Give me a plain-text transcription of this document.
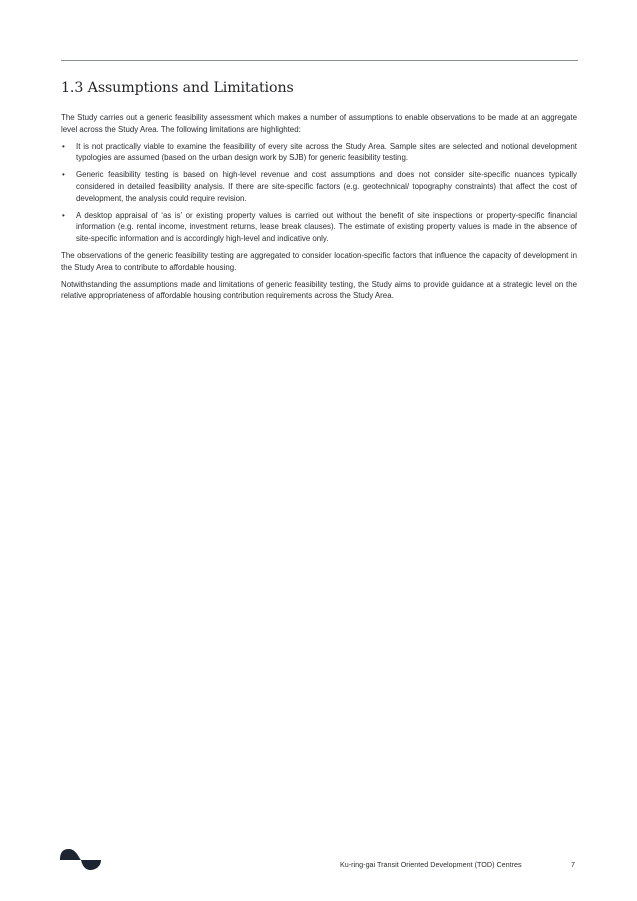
1.3 Assumptions and Limitations

The Study carries out a generic feasibility assessment which makes a number of assumptions to enable observations to be made at an aggregate level across the Study Area. The following limitations are highlighted:

• It is not practically viable to examine the feasibility of every site across the Study Area. Sample sites are selected and notional development typologies are assumed (based on the urban design work by SJB) for generic feasibility testing.
• Generic feasibility testing is based on high-level revenue and cost assumptions and does not consider site-specific nuances typically considered in detailed feasibility analysis. If there are site-specific factors (e.g. geotechnical/ topography constraints) that affect the cost of development, the analysis could require revision.
• A desktop appraisal of ‘as is’ or existing property values is carried out without the benefit of site inspections or property-specific financial information (e.g. rental income, investment returns, lease break clauses). The estimate of existing property values is made in the absence of site-specific information and is accordingly high-level and indicative only.

The observations of the generic feasibility testing are aggregated to consider location-specific factors that influence the capacity of development in the Study Area to contribute to affordable housing.

Notwithstanding the assumptions made and limitations of generic feasibility testing, the Study aims to provide guidance at a strategic level on the relative appropriateness of affordable housing contribution requirements across the Study Area.

Ku-ring-gai Transit Oriented Development (TOD) Centres	7
